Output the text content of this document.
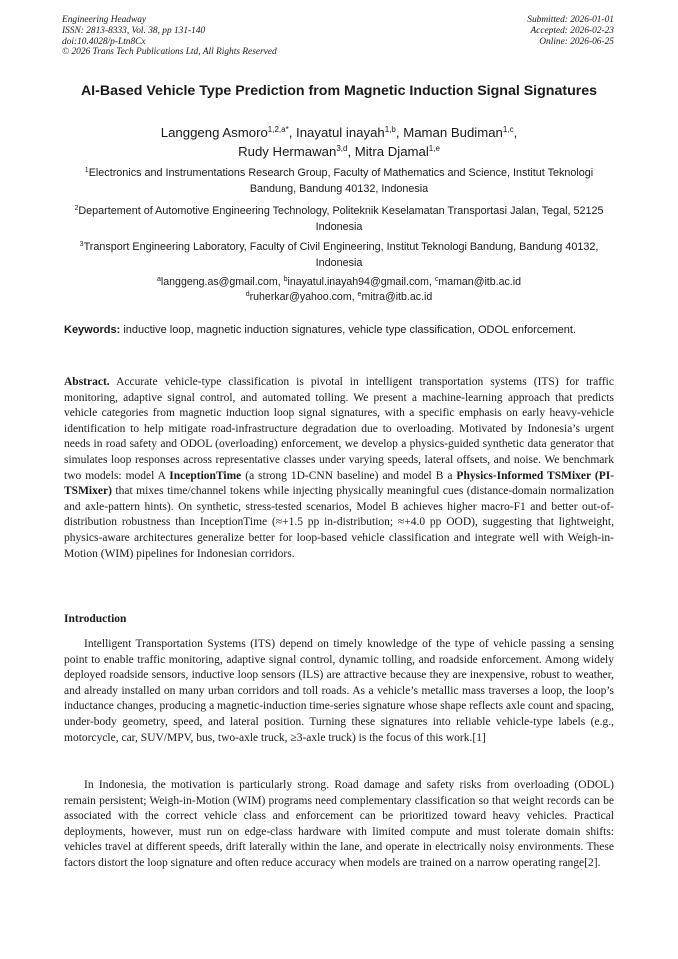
Engineering Headway
ISSN: 2813-8333, Vol. 38, pp 131-140
doi:10.4028/p-Ltn8Cx
© 2026 Trans Tech Publications Ltd, All Rights Reserved
Submitted: 2026-01-01
Accepted: 2026-02-23
Online: 2026-06-25
AI-Based Vehicle Type Prediction from Magnetic Induction Signal Signatures
Langgeng Asmoro$^{1,2,a*}$, Inayatul inayah$^{1,b}$, Maman Budiman$^{1,c}$,
Rudy Hermawan$^{3,d}$, Mitra Djamal$^{1,e}$
$^1$Electronics and Instrumentations Research Group, Faculty of Mathematics and Science, Institut Teknologi Bandung, Bandung 40132, Indonesia
$^2$Departement of Automotive Engineering Technology, Politeknik Keselamatan Transportasi Jalan, Tegal, 52125 Indonesia
$^3$Transport Engineering Laboratory, Faculty of Civil Engineering, Institut Teknologi Bandung, Bandung 40132, Indonesia
$^a$langgeng.as@gmail.com, $^b$inayatul.inayah94@gmail.com, $^c$maman@itb.ac.id
$^d$ruherkar@yahoo.com, $^e$mitra@itb.ac.id
Keywords: inductive loop, magnetic induction signatures, vehicle type classification, ODOL enforcement.

Abstract. Accurate vehicle-type classification is pivotal in intelligent transportation systems (ITS) for traffic monitoring, adaptive signal control, and automated tolling. We present a machine-learning approach that predicts vehicle categories from magnetic induction loop signal signatures, with a specific emphasis on early heavy-vehicle identification to help mitigate road-infrastructure degradation due to overloading. Motivated by Indonesia’s urgent needs in road safety and ODOL (overloading) enforcement, we develop a physics-guided synthetic data generator that simulates loop responses across representative classes under varying speeds, lateral offsets, and noise. We benchmark two models: model A InceptionTime (a strong 1D-CNN baseline) and model B a Physics-Informed TSMixer (PI-TSMixer) that mixes time/channel tokens while injecting physically meaningful cues (distance-domain normalization and axle-pattern hints). On synthetic, stress-tested scenarios, Model B achieves higher macro-F1 and better out-of-distribution robustness than InceptionTime (≈+1.5 pp in-distribution; ≈+4.0 pp OOD), suggesting that lightweight, physics-aware architectures generalize better for loop-based vehicle classification and integrate well with Weigh-in-Motion (WIM) pipelines for Indonesian corridors.

Introduction

Intelligent Transportation Systems (ITS) depend on timely knowledge of the type of vehicle passing a sensing point to enable traffic monitoring, adaptive signal control, dynamic tolling, and roadside enforcement. Among widely deployed roadside sensors, inductive loop sensors (ILS) are attractive because they are inexpensive, robust to weather, and already installed on many urban corridors and toll roads. As a vehicle’s metallic mass traverses a loop, the loop’s inductance changes, producing a magnetic-induction time-series signature whose shape reflects axle count and spacing, under-body geometry, speed, and lateral position. Turning these signatures into reliable vehicle-type labels (e.g., motorcycle, car, SUV/MPV, bus, two-axle truck, ≥3-axle truck) is the focus of this work.[1]

In Indonesia, the motivation is particularly strong. Road damage and safety risks from overloading (ODOL) remain persistent; Weigh-in-Motion (WIM) programs need complementary classification so that weight records can be associated with the correct vehicle class and enforcement can be prioritized toward heavy vehicles. Practical deployments, however, must run on edge-class hardware with limited compute and must tolerate domain shifts: vehicles travel at different speeds, drift laterally within the lane, and operate in electrically noisy environments. These factors distort the loop signature and often reduce accuracy when models are trained on a narrow operating range[2].
